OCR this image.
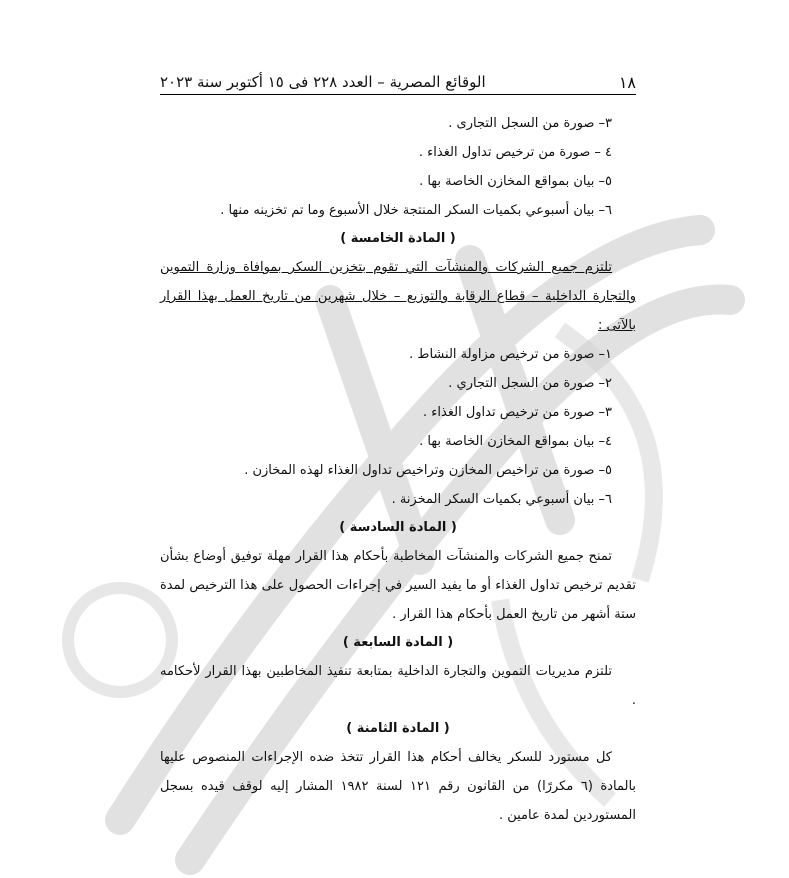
١٨
الوقائع المصرية – العدد ٢٢٨ فى ١٥ أكتوبر سنة ٢٠٢٣
٣– صورة من السجل التجارى .
٤ – صورة من ترخيص تداول الغذاء .
٥– بيان بمواقع المخازن الخاصة بها .
٦– بيان أسبوعي بكميات السكر المنتجة خلال الأسبوع وما تم تخزينه منها .
( المادة الخامسة )
تلتزم جميع الشركات والمنشآت التي تقوم بتخزين السكر بموافاة وزارة التموين والتجارة الداخلية – قطاع الرقابة والتوزيع – خلال شهرين من تاريخ العمل بهذا القرار بالآتى :
١– صورة من ترخيص مزاولة النشاط .
٢– صورة من السجل التجاري .
٣– صورة من ترخيص تداول الغذاء .
٤– بيان بمواقع المخازن الخاصة بها .
٥– صورة من تراخيص المخازن وتراخيص تداول الغذاء لهذه المخازن .
٦– بيان أسبوعي بكميات السكر المخزنة .
( المادة السادسة )
تمنح جميع الشركات والمنشآت المخاطبة بأحكام هذا القرار مهلة توفيق أوضاع بشأن تقديم ترخيص تداول الغذاء أو ما يفيد السير في إجراءات الحصول على هذا الترخيص لمدة ستة أشهر من تاريخ العمل بأحكام هذا القرار .
( المادة السابعة )
تلتزم مديريات التموين والتجارة الداخلية بمتابعة تنفيذ المخاطبين بهذا القرار لأحكامه .
( المادة الثامنة )
كل مستورد للسكر يخالف أحكام هذا القرار تتخذ ضده الإجراءات المنصوص عليها بالمادة (٦ مكررًا) من القانون رقم ١٢١ لسنة ١٩٨٢ المشار إليه لوقف قيده بسجل المستوردين لمدة عامين .
